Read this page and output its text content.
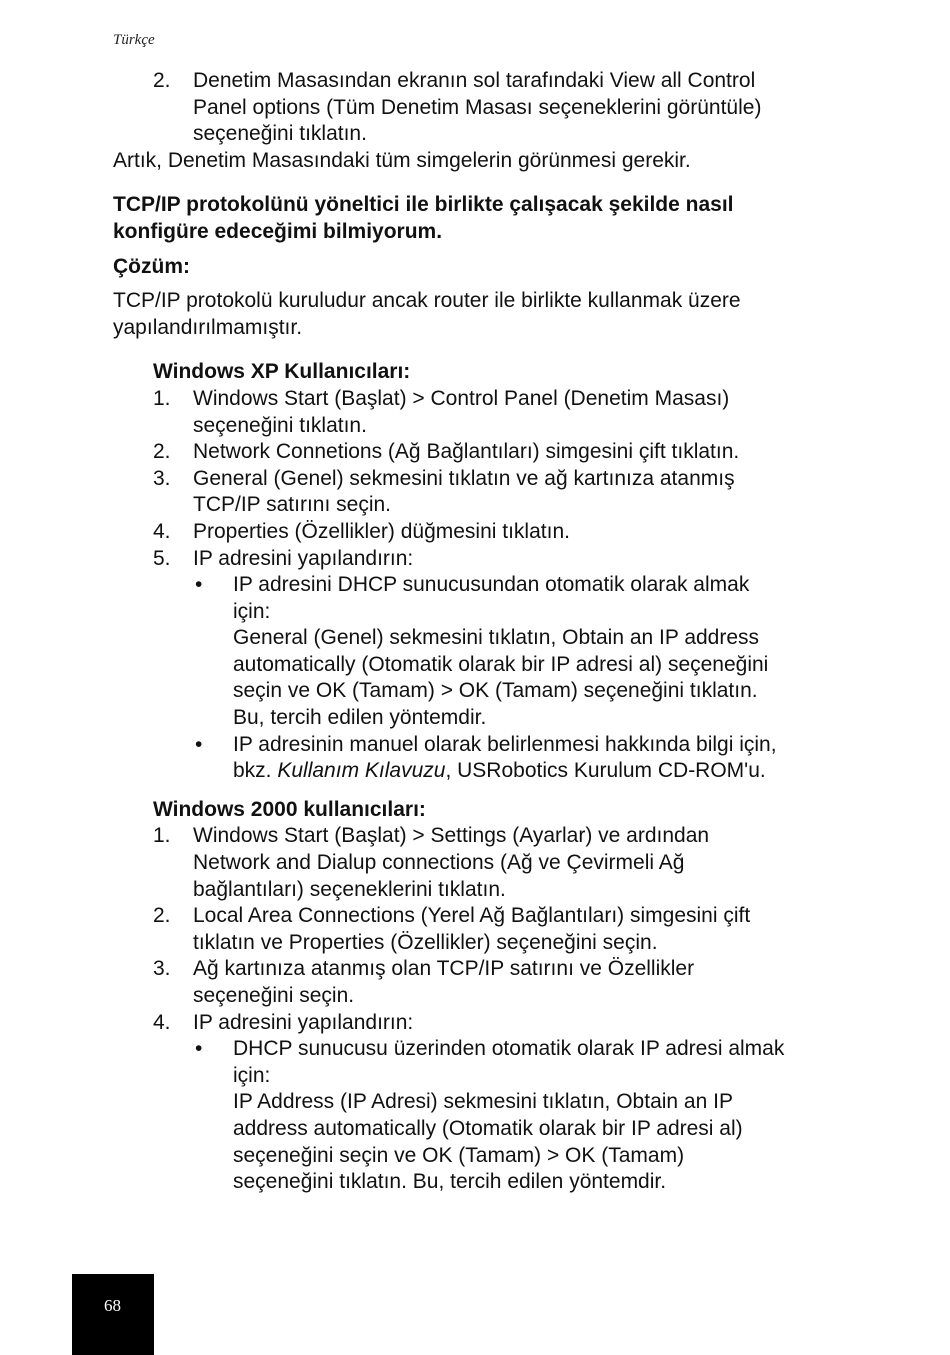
Türkçe
2. Denetim Masasından ekranın sol tarafındaki View all Control
Panel options (Tüm Denetim Masası seçeneklerini görüntüle)
seçeneğini tıklatın.
Artık, Denetim Masasındaki tüm simgelerin görünmesi gerekir.
TCP/IP protokolünü yöneltici ile birlikte çalışacak şekilde nasıl
konfigüre edeceğimi bilmiyorum.
Çözüm:
TCP/IP protokolü kuruludur ancak router ile birlikte kullanmak üzere
yapılandırılmamıştır.
Windows XP Kullanıcıları:
1. Windows Start (Başlat) > Control Panel (Denetim Masası)
seçeneğini tıklatın.
2. Network Connetions (Ağ Bağlantıları) simgesini çift tıklatın.
3. General (Genel) sekmesini tıklatın ve ağ kartınıza atanmış
TCP/IP satırını seçin.
4. Properties (Özellikler) düğmesini tıklatın.
5. IP adresini yapılandırın:
• IP adresini DHCP sunucusundan otomatik olarak almak
için:
General (Genel) sekmesini tıklatın, Obtain an IP address
automatically (Otomatik olarak bir IP adresi al) seçeneğini
seçin ve OK (Tamam) > OK (Tamam) seçeneğini tıklatın.
Bu, tercih edilen yöntemdir.
• IP adresinin manuel olarak belirlenmesi hakkında bilgi için,
bkz. Kullanım Kılavuzu, USRobotics Kurulum CD-ROM'u.
Windows 2000 kullanıcıları:
1. Windows Start (Başlat) > Settings (Ayarlar) ve ardından
Network and Dialup connections (Ağ ve Çevirmeli Ağ
bağlantıları) seçeneklerini tıklatın.
2. Local Area Connections (Yerel Ağ Bağlantıları) simgesini çift
tıklatın ve Properties (Özellikler) seçeneğini seçin.
3. Ağ kartınıza atanmış olan TCP/IP satırını ve Özellikler
seçeneğini seçin.
4. IP adresini yapılandırın:
• DHCP sunucusu üzerinden otomatik olarak IP adresi almak
için:
IP Address (IP Adresi) sekmesini tıklatın, Obtain an IP
address automatically (Otomatik olarak bir IP adresi al)
seçeneğini seçin ve OK (Tamam) > OK (Tamam)
seçeneğini tıklatın. Bu, tercih edilen yöntemdir.
68
